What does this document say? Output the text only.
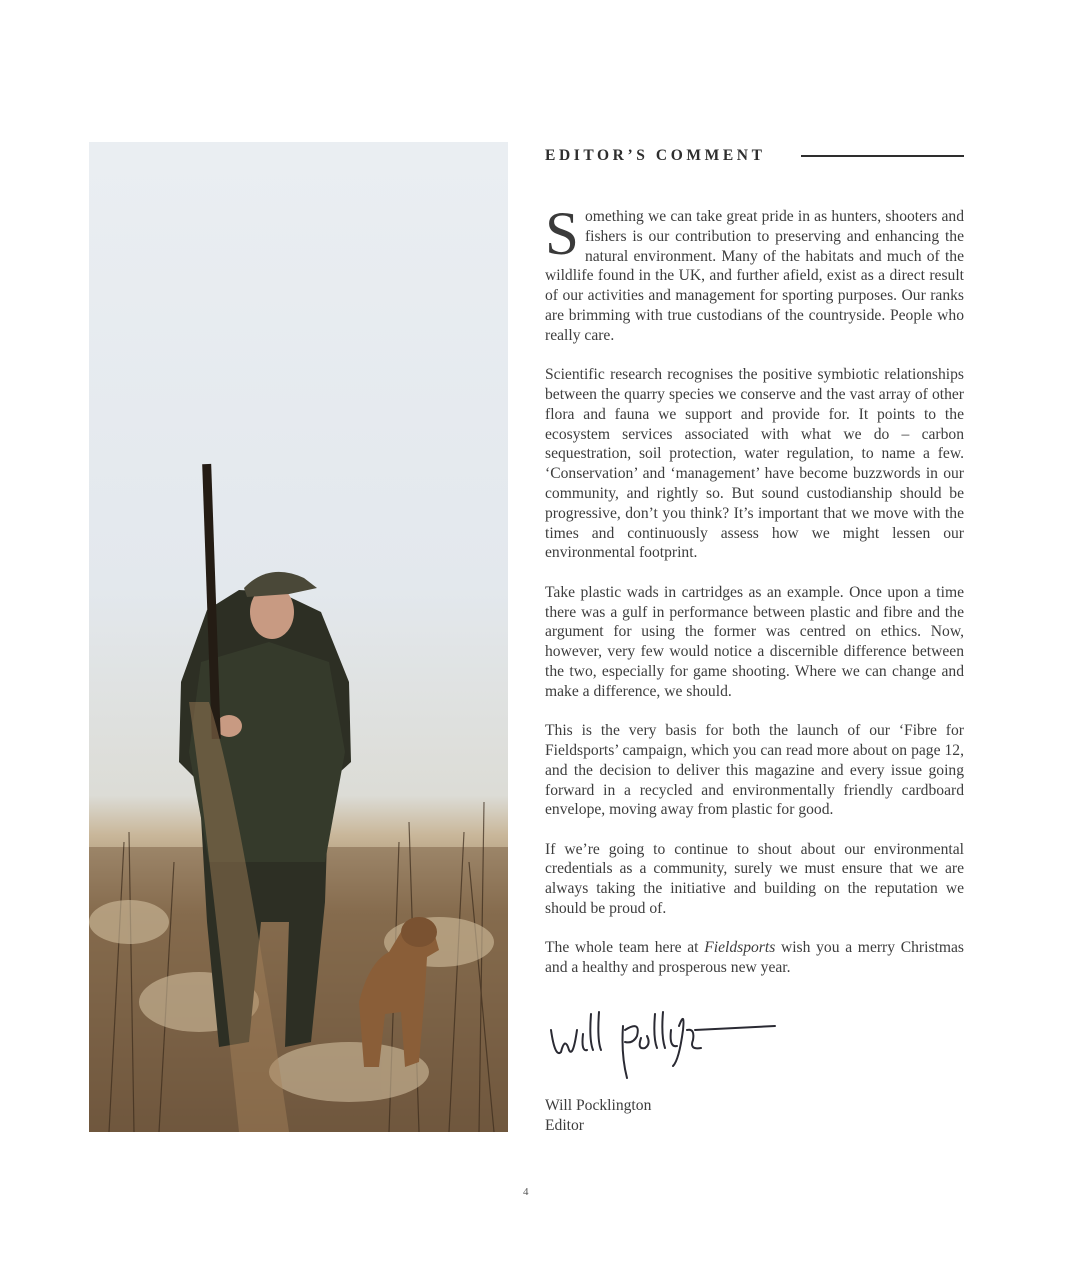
EDITOR’S COMMENT

Something we can take great pride in as hunters, shooters and fishers is our contribution to preserving and enhancing the natural environment. Many of the habitats and much of the wildlife found in the UK, and further afield, exist as a direct result of our activities and management for sporting purposes. Our ranks are brimming with true custodians of the countryside. People who really care.

Scientific research recognises the positive symbiotic relationships between the quarry species we conserve and the vast array of other flora and fauna we support and provide for. It points to the ecosystem services associated with what we do – carbon sequestration, soil protection, water regulation, to name a few. ‘Conservation’ and ‘management’ have become buzzwords in our community, and rightly so. But sound custodianship should be progressive, don’t you think? It’s important that we move with the times and continuously assess how we might lessen our environmental footprint.

Take plastic wads in cartridges as an example. Once upon a time there was a gulf in performance between plastic and fibre and the argument for using the former was centred on ethics. Now, however, very few would notice a discernible difference between the two, especially for game shooting. Where we can change and make a difference, we should.

This is the very basis for both the launch of our ‘Fibre for Fieldsports’ campaign, which you can read more about on page 12, and the decision to deliver this magazine and every issue going forward in a recycled and environmentally friendly cardboard envelope, moving away from plastic for good.

If we’re going to continue to shout about our environmental credentials as a community, surely we must ensure that we are always taking the initiative and building on the reputation we should be proud of.

The whole team here at Fieldsports wish you a merry Christmas and a healthy and prosperous new year.

Will Pocklington
Editor
4
